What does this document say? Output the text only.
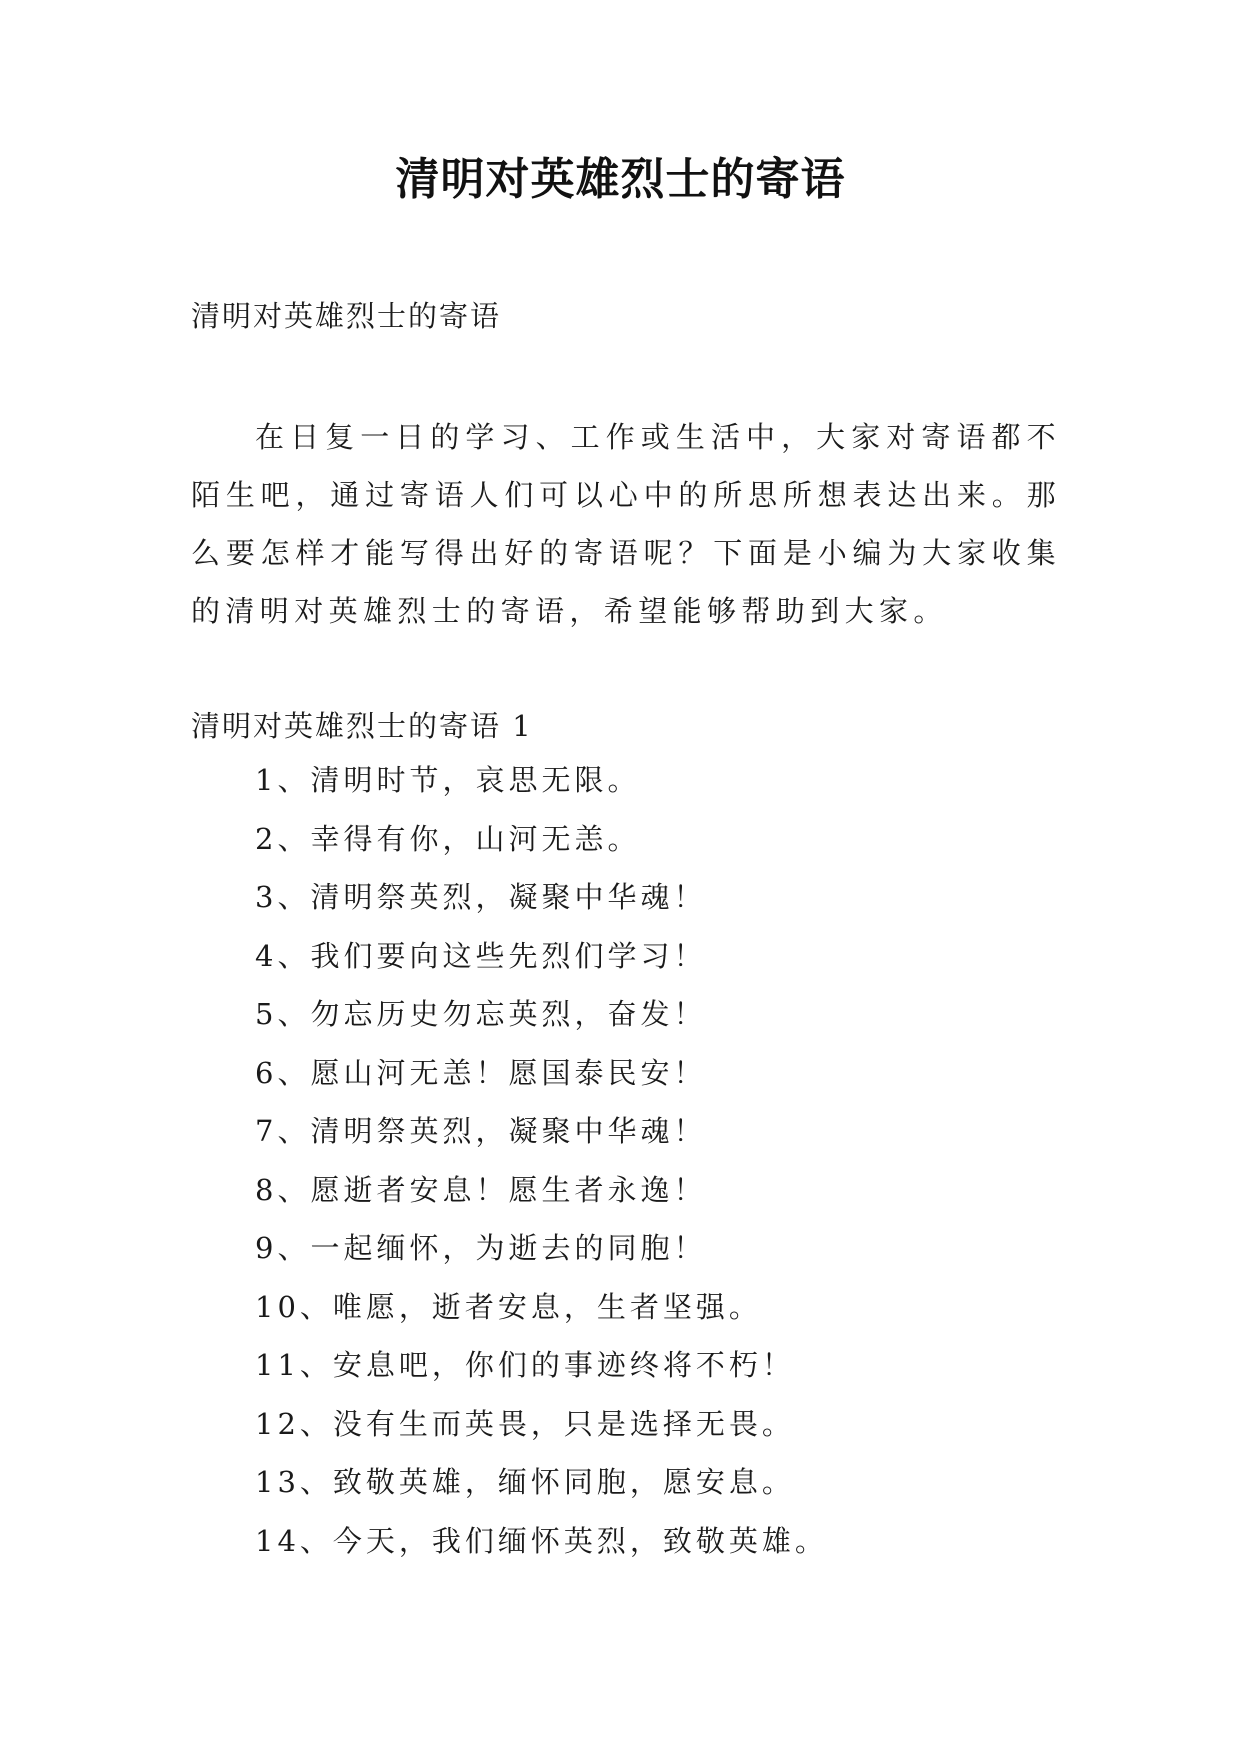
清明对英雄烈士的寄语

清明对英雄烈士的寄语

在日复一日的学习、工作或生活中，大家对寄语都不陌生吧，通过寄语人们可以心中的所思所想表达出来。那么要怎样才能写得出好的寄语呢？下面是小编为大家收集的清明对英雄烈士的寄语，希望能够帮助到大家。

清明对英雄烈士的寄语 1

1、清明时节，哀思无限。
2、幸得有你，山河无恙。
3、清明祭英烈，凝聚中华魂！
4、我们要向这些先烈们学习！
5、勿忘历史勿忘英烈，奋发！
6、愿山河无恙！愿国泰民安！
7、清明祭英烈，凝聚中华魂！
8、愿逝者安息！愿生者永逸！
9、一起缅怀，为逝去的同胞！
10、唯愿，逝者安息，生者坚强。
11、安息吧，你们的事迹终将不朽！
12、没有生而英畏，只是选择无畏。
13、致敬英雄，缅怀同胞，愿安息。
14、今天，我们缅怀英烈，致敬英雄。
